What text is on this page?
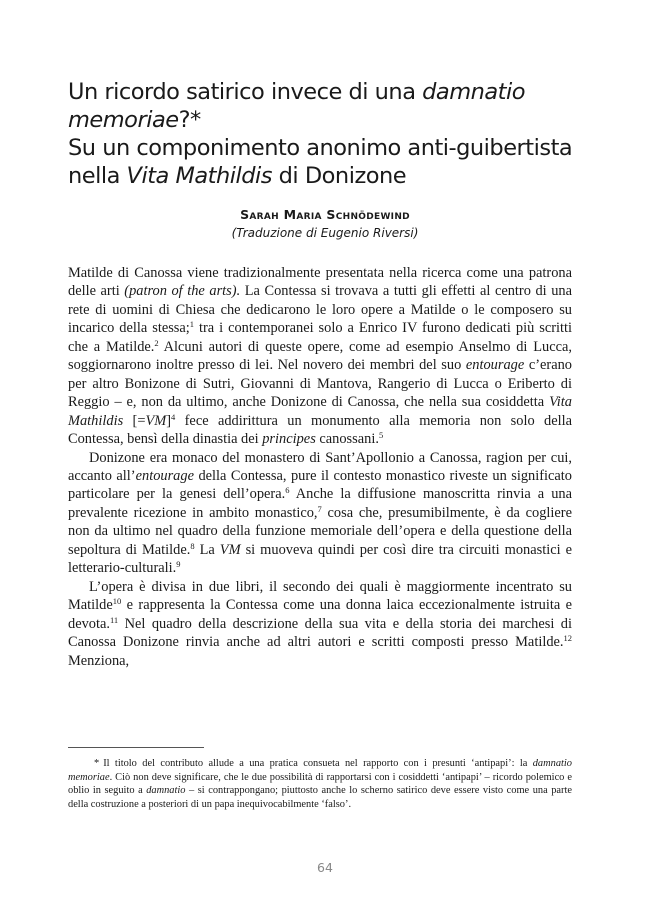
Un ricordo satirico invece di una damnatio
memoriae?*
Su un componimento anonimo anti-guibertista
nella Vita Mathildis di Donizone
Sarah Maria Schnödewind
(Traduzione di Eugenio Riversi)

Matilde di Canossa viene tradizionalmente presentata nella ricerca come una patrona delle arti (patron of the arts). La Contessa si trovava a tutti gli effetti al centro di una rete di uomini di Chiesa che dedicarono le loro opere a Matilde o le composero su incarico della stessa;$^1$ tra i contemporanei solo a Enrico IV furono dedicati più scritti che a Matilde.$^2$ Alcuni autori di queste opere, come ad esempio Anselmo di Lucca, soggiornarono inoltre presso di lei. Nel novero dei membri del suo entourage c’erano per altro Bonizone di Sutri, Giovanni di Mantova, Rangerio di Lucca o Eriberto di Reggio – e, non da ultimo, anche Donizone di Canossa, che nella sua cosiddetta Vita Mathildis [=VM]$^4$ fece addirittura un monumento alla memoria non solo della Contessa, bensì della dinastia dei principes canossani.$^5$

Donizone era monaco del monastero di Sant’Apollonio a Canossa, ragion per cui, accanto all’entourage della Contessa, pure il contesto monastico riveste un significato particolare per la genesi dell’opera.$^6$ Anche la diffusione manoscritta rinvia a una prevalente ricezione in ambito monastico,$^7$ cosa che, presumibilmente, è da cogliere non da ultimo nel quadro della funzione memoriale dell’opera e della questione della sepoltura di Matilde.$^8$ La VM si muoveva quindi per così dire tra circuiti monastici e letterario-culturali.$^9$

L’opera è divisa in due libri, il secondo dei quali è maggiormente incentrato su Matilde$^{10}$ e rappresenta la Contessa come una donna laica eccezionalmente istruita e devota.$^{11}$ Nel quadro della descrizione della sua vita e della storia dei marchesi di Canossa Donizone rinvia anche ad altri autori e scritti composti presso Matilde.$^{12}$ Menziona,

* Il titolo del contributo allude a una pratica consueta nel rapporto con i presunti ‘antipapi’: la damnatio memoriae. Ciò non deve significare, che le due possibilità di rapportarsi con i cosiddetti ‘antipapi’ – ricordo polemico e oblio in seguito a damnatio – si contrappongano; piuttosto anche lo scherno satirico deve essere visto come una parte della costruzione a posteriori di un papa inequivocabilmente ‘falso’.
64
